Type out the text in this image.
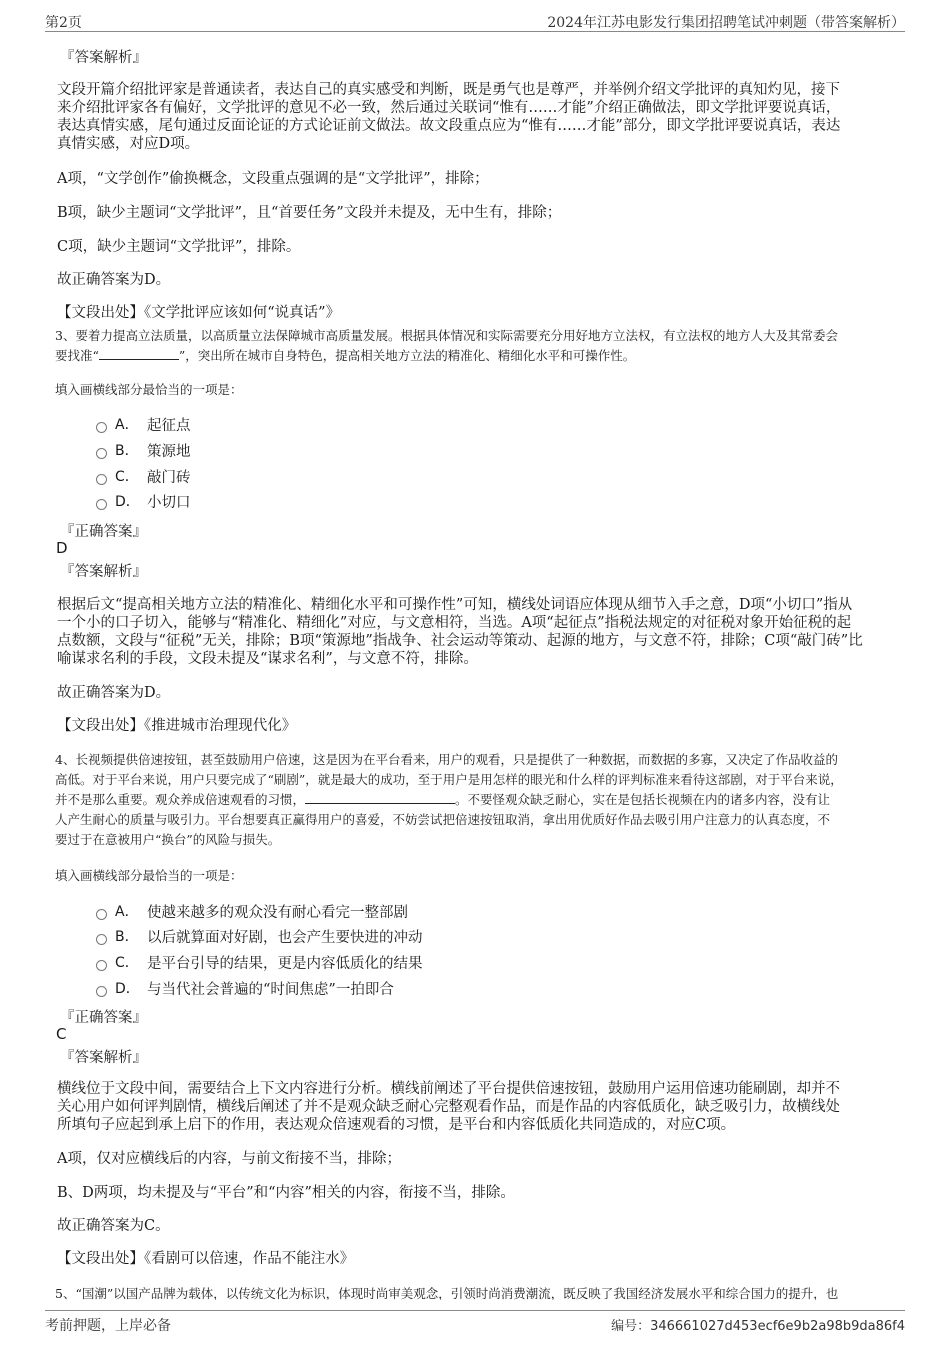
第2页	2024年江苏电影发行集团招聘笔试冲刺题（带答案解析）
『答案解析』
文段开篇介绍批评家是普通读者，表达自己的真实感受和判断，既是勇气也是尊严，并举例介绍文学批评的真知灼见，接下
来介绍批评家各有偏好，文学批评的意见不必一致，然后通过关联词“惟有……才能”介绍正确做法，即文学批评要说真话，
表达真情实感，尾句通过反面论证的方式论证前文做法。故文段重点应为“惟有……才能”部分，即文学批评要说真话，表达
真情实感，对应D项。
A项，“文学创作”偷换概念，文段重点强调的是“文学批评”，排除；
B项，缺少主题词“文学批评”，且“首要任务”文段并未提及，无中生有，排除；
C项，缺少主题词“文学批评”，排除。
故正确答案为D。
【文段出处】《文学批评应该如何“说真话”》
3、要着力提高立法质量，以高质量立法保障城市高质量发展。根据具体情况和实际需要充分用好地方立法权，有立法权的地方人大及其常委会
要找准“	”，突出所在城市自身特色，提高相关地方立法的精准化、精细化水平和可操作性。
填入画横线部分最恰当的一项是：
A． 起征点
B． 策源地
C． 敲门砖
D． 小切口
『正确答案』
D
『答案解析』
根据后文“提高相关地方立法的精准化、精细化水平和可操作性”可知，横线处词语应体现从细节入手之意，D项“小切口”指从
一个小的口子切入，能够与“精准化、精细化”对应，与文意相符，当选。A项“起征点”指税法规定的对征税对象开始征税的起
点数额，文段与“征税”无关，排除；B项“策源地”指战争、社会运动等策动、起源的地方，与文意不符，排除；C项“敲门砖”比
喻谋求名利的手段，文段未提及“谋求名利”，与文意不符，排除。
故正确答案为D。
【文段出处】《推进城市治理现代化》
4、长视频提供倍速按钮，甚至鼓励用户倍速，这是因为在平台看来，用户的观看，只是提供了一种数据，而数据的多寡，又决定了作品收益的
高低。对于平台来说，用户只要完成了“刷剧”，就是最大的成功，至于用户是用怎样的眼光和什么样的评判标准来看待这部剧，对于平台来说，
并不是那么重要。观众养成倍速观看的习惯，	。不要怪观众缺乏耐心，实在是包括长视频在内的诸多内容，没有让
人产生耐心的质量与吸引力。平台想要真正赢得用户的喜爱，不妨尝试把倍速按钮取消，拿出用优质好作品去吸引用户注意力的认真态度，不
要过于在意被用户“换台”的风险与损失。
填入画横线部分最恰当的一项是：
A． 使越来越多的观众没有耐心看完一整部剧
B． 以后就算面对好剧，也会产生要快进的冲动
C． 是平台引导的结果，更是内容低质化的结果
D． 与当代社会普遍的“时间焦虑”一拍即合
『正确答案』
C
『答案解析』
横线位于文段中间，需要结合上下文内容进行分析。横线前阐述了平台提供倍速按钮，鼓励用户运用倍速功能刷剧，却并不
关心用户如何评判剧情，横线后阐述了并不是观众缺乏耐心完整观看作品，而是作品的内容低质化，缺乏吸引力，故横线处
所填句子应起到承上启下的作用，表达观众倍速观看的习惯，是平台和内容低质化共同造成的，对应C项。
A项，仅对应横线后的内容，与前文衔接不当，排除；
B、D两项，均未提及与“平台”和“内容”相关的内容，衔接不当，排除。
故正确答案为C。
【文段出处】《看剧可以倍速，作品不能注水》
5、“国潮”以国产品牌为载体，以传统文化为标识，体现时尚审美观念，引领时尚消费潮流，既反映了我国经济发展水平和综合国力的提升，也
考前押题，上岸必备	编号：346661027d453ecf6e9b2a98b9da86f4
